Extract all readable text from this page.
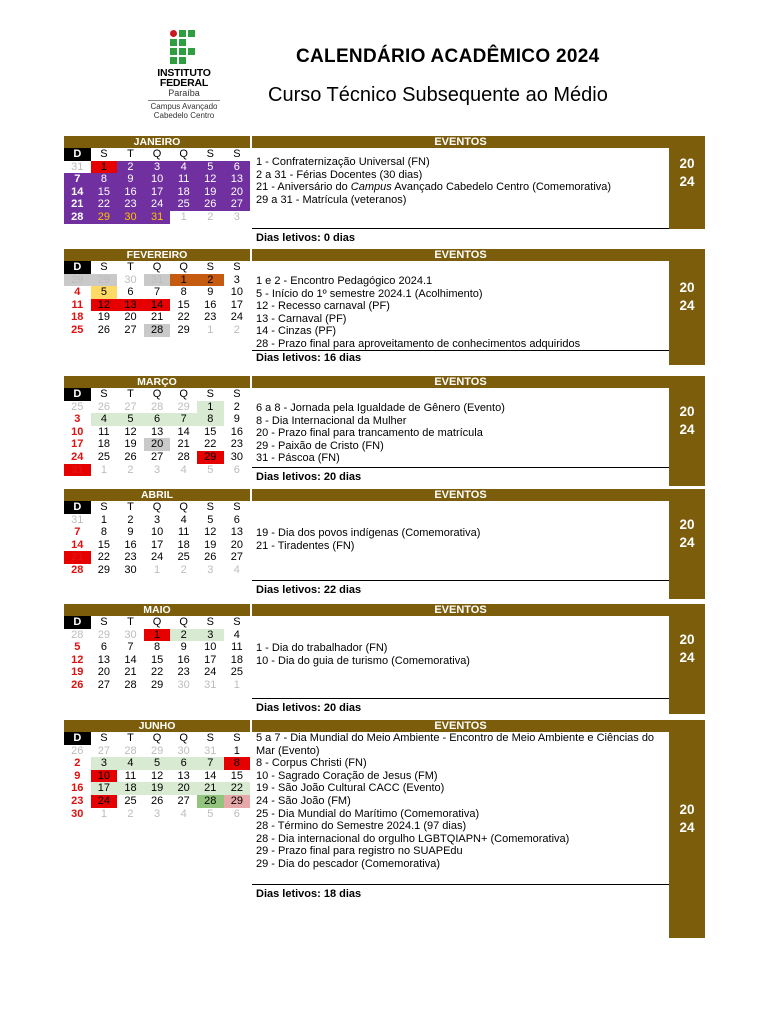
INSTITUTO
FEDERAL
Paraíba
Campus Avançado
Cabedelo Centro
CALENDÁRIO ACADÊMICO 2024
Curso Técnico Subsequente ao Médio
JANEIRO	EVENTOS
20
24
D	S	T	Q	Q	S	S
31	1	2	3	4	5	6
7	8	9	10	11	12	13
14	15	16	17	18	19	20
21	22	23	24	25	26	27
28	29	30	31	1	2	3
1 - Confraternização Universal (FN)
2 a 31 - Férias Docentes (30 dias)
21 - Aniversário do Campus Avançado Cabedelo Centro (Comemorativa)
29 a 31 - Matrícula (veteranos)
Dias letivos: 0 dias
FEVEREIRO	EVENTOS
20
24
D	S	T	Q	Q	S	S
29	29	30	31	1	2	3
4	5	6	7	8	9	10
11	12	13	14	15	16	17
18	19	20	21	22	23	24
25	26	27	28	29	1	2
1 e 2 - Encontro Pedagógico 2024.1
5 - Início do 1º semestre 2024.1 (Acolhimento)
12 - Recesso carnaval (PF)
13 - Carnaval (PF)
14 - Cinzas (PF)
28 - Prazo final para aproveitamento de conhecimentos adquiridos
Dias letivos: 16 dias
MARÇO	EVENTOS
20
24
D	S	T	Q	Q	S	S
25	26	27	28	29	1	2
3	4	5	6	7	8	9
10	11	12	13	14	15	16
17	18	19	20	21	22	23
24	25	26	27	28	29	30
31	1	2	3	4	5	6
6 a 8 - Jornada pela Igualdade de Gênero (Evento)
8 - Dia Internacional da Mulher
20 - Prazo final para trancamento de matrícula
29 - Paixão de Cristo (FN)
31 - Páscoa (FN)
Dias letivos: 20 dias
ABRIL	EVENTOS
20
24
D	S	T	Q	Q	S	S
31	1	2	3	4	5	6
7	8	9	10	11	12	13
14	15	16	17	18	19	20
21	22	23	24	25	26	27
28	29	30	1	2	3	4
19 - Dia dos povos indígenas (Comemorativa)
21 - Tiradentes (FN)
Dias letivos: 22 dias
MAIO	EVENTOS
20
24
D	S	T	Q	Q	S	S
28	29	30	1	2	3	4
5	6	7	8	9	10	11
12	13	14	15	16	17	18
19	20	21	22	23	24	25
26	27	28	29	30	31	1
1 - Dia do trabalhador (FN)
10 - Dia do guia de turismo (Comemorativa)
Dias letivos: 20 dias
JUNHO	EVENTOS
20
24
D	S	T	Q	Q	S	S
26	27	28	29	30	31	1
2	3	4	5	6	7	8
9	10	11	12	13	14	15
16	17	18	19	20	21	22
23	24	25	26	27	28	29
30	1	2	3	4	5	6
5 a 7 - Dia Mundial do Meio Ambiente - Encontro de Meio Ambiente e Ciências do Mar (Evento)
8 - Corpus Christi (FN)
10 - Sagrado Coração de Jesus (FM)
19 - São João Cultural CACC (Evento)
24 - São João (FM)
25 - Dia Mundial do Marítimo (Comemorativa)
28 - Término do Semestre 2024.1 (97 dias)
28 - Dia internacional do orgulho LGBTQIAPN+ (Comemorativa)
29 - Prazo final para registro no SUAPEdu
29 - Dia do pescador (Comemorativa)
Dias letivos: 18 dias
